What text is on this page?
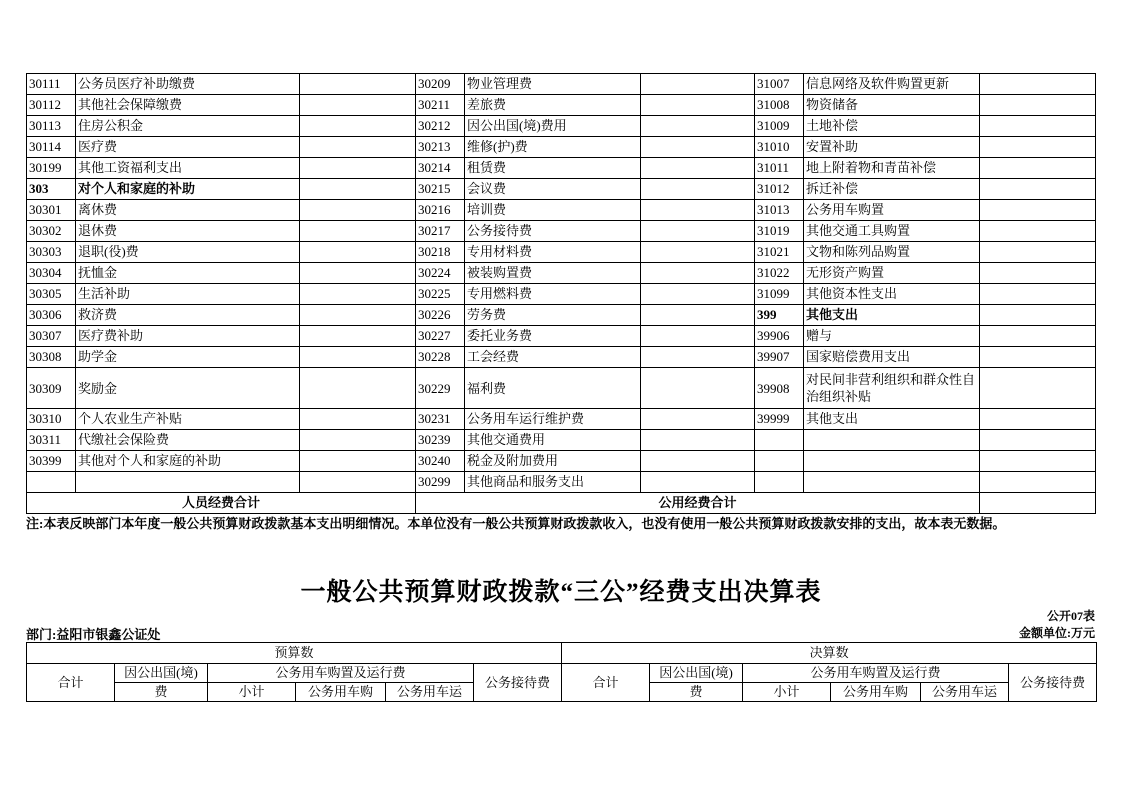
30111	公务员医疗补助缴费		30209	物业管理费		31007	信息网络及软件购置更新	
30112	其他社会保障缴费		30211	差旅费		31008	物资储备	
30113	住房公积金		30212	因公出国(境)费用		31009	土地补偿	
30114	医疗费		30213	维修(护)费		31010	安置补助	
30199	其他工资福利支出		30214	租赁费		31011	地上附着物和青苗补偿	
303	对个人和家庭的补助		30215	会议费		31012	拆迁补偿	
30301	离休费		30216	培训费		31013	公务用车购置	
30302	退休费		30217	公务接待费		31019	其他交通工具购置	
30303	退职(役)费		30218	专用材料费		31021	文物和陈列品购置	
30304	抚恤金		30224	被装购置费		31022	无形资产购置	
30305	生活补助		30225	专用燃料费		31099	其他资本性支出	
30306	救济费		30226	劳务费		399	其他支出	
30307	医疗费补助		30227	委托业务费		39906	赠与	
30308	助学金		30228	工会经费		39907	国家赔偿费用支出	
30309	奖励金		30229	福利费		39908	对民间非营利组织和群众性自治组织补贴	
30310	个人农业生产补贴		30231	公务用车运行维护费		39999	其他支出	
30311	代缴社会保险费		30239	其他交通费用				
30399	其他对个人和家庭的补助		30240	税金及附加费用				
			30299	其他商品和服务支出				
人员经费合计			公用经费合计					
注:本表反映部门本年度一般公共预算财政拨款基本支出明细情况。本单位没有一般公共预算财政拨款收入，也没有使用一般公共预算财政拨款安排的支出，故本表无数据。
一般公共预算财政拨款“三公”经费支出决算表
公开07表
部门:益阳市银鑫公证处	金额单位:万元
预算数						决算数					
合计	因公出国(境)	公务用车购置及运行费			公务接待费	合计	因公出国(境)	公务用车购置及运行费			公务接待费
	费	小计	公务用车购	公务用车运			费	小计	公务用车购	公务用车运	
